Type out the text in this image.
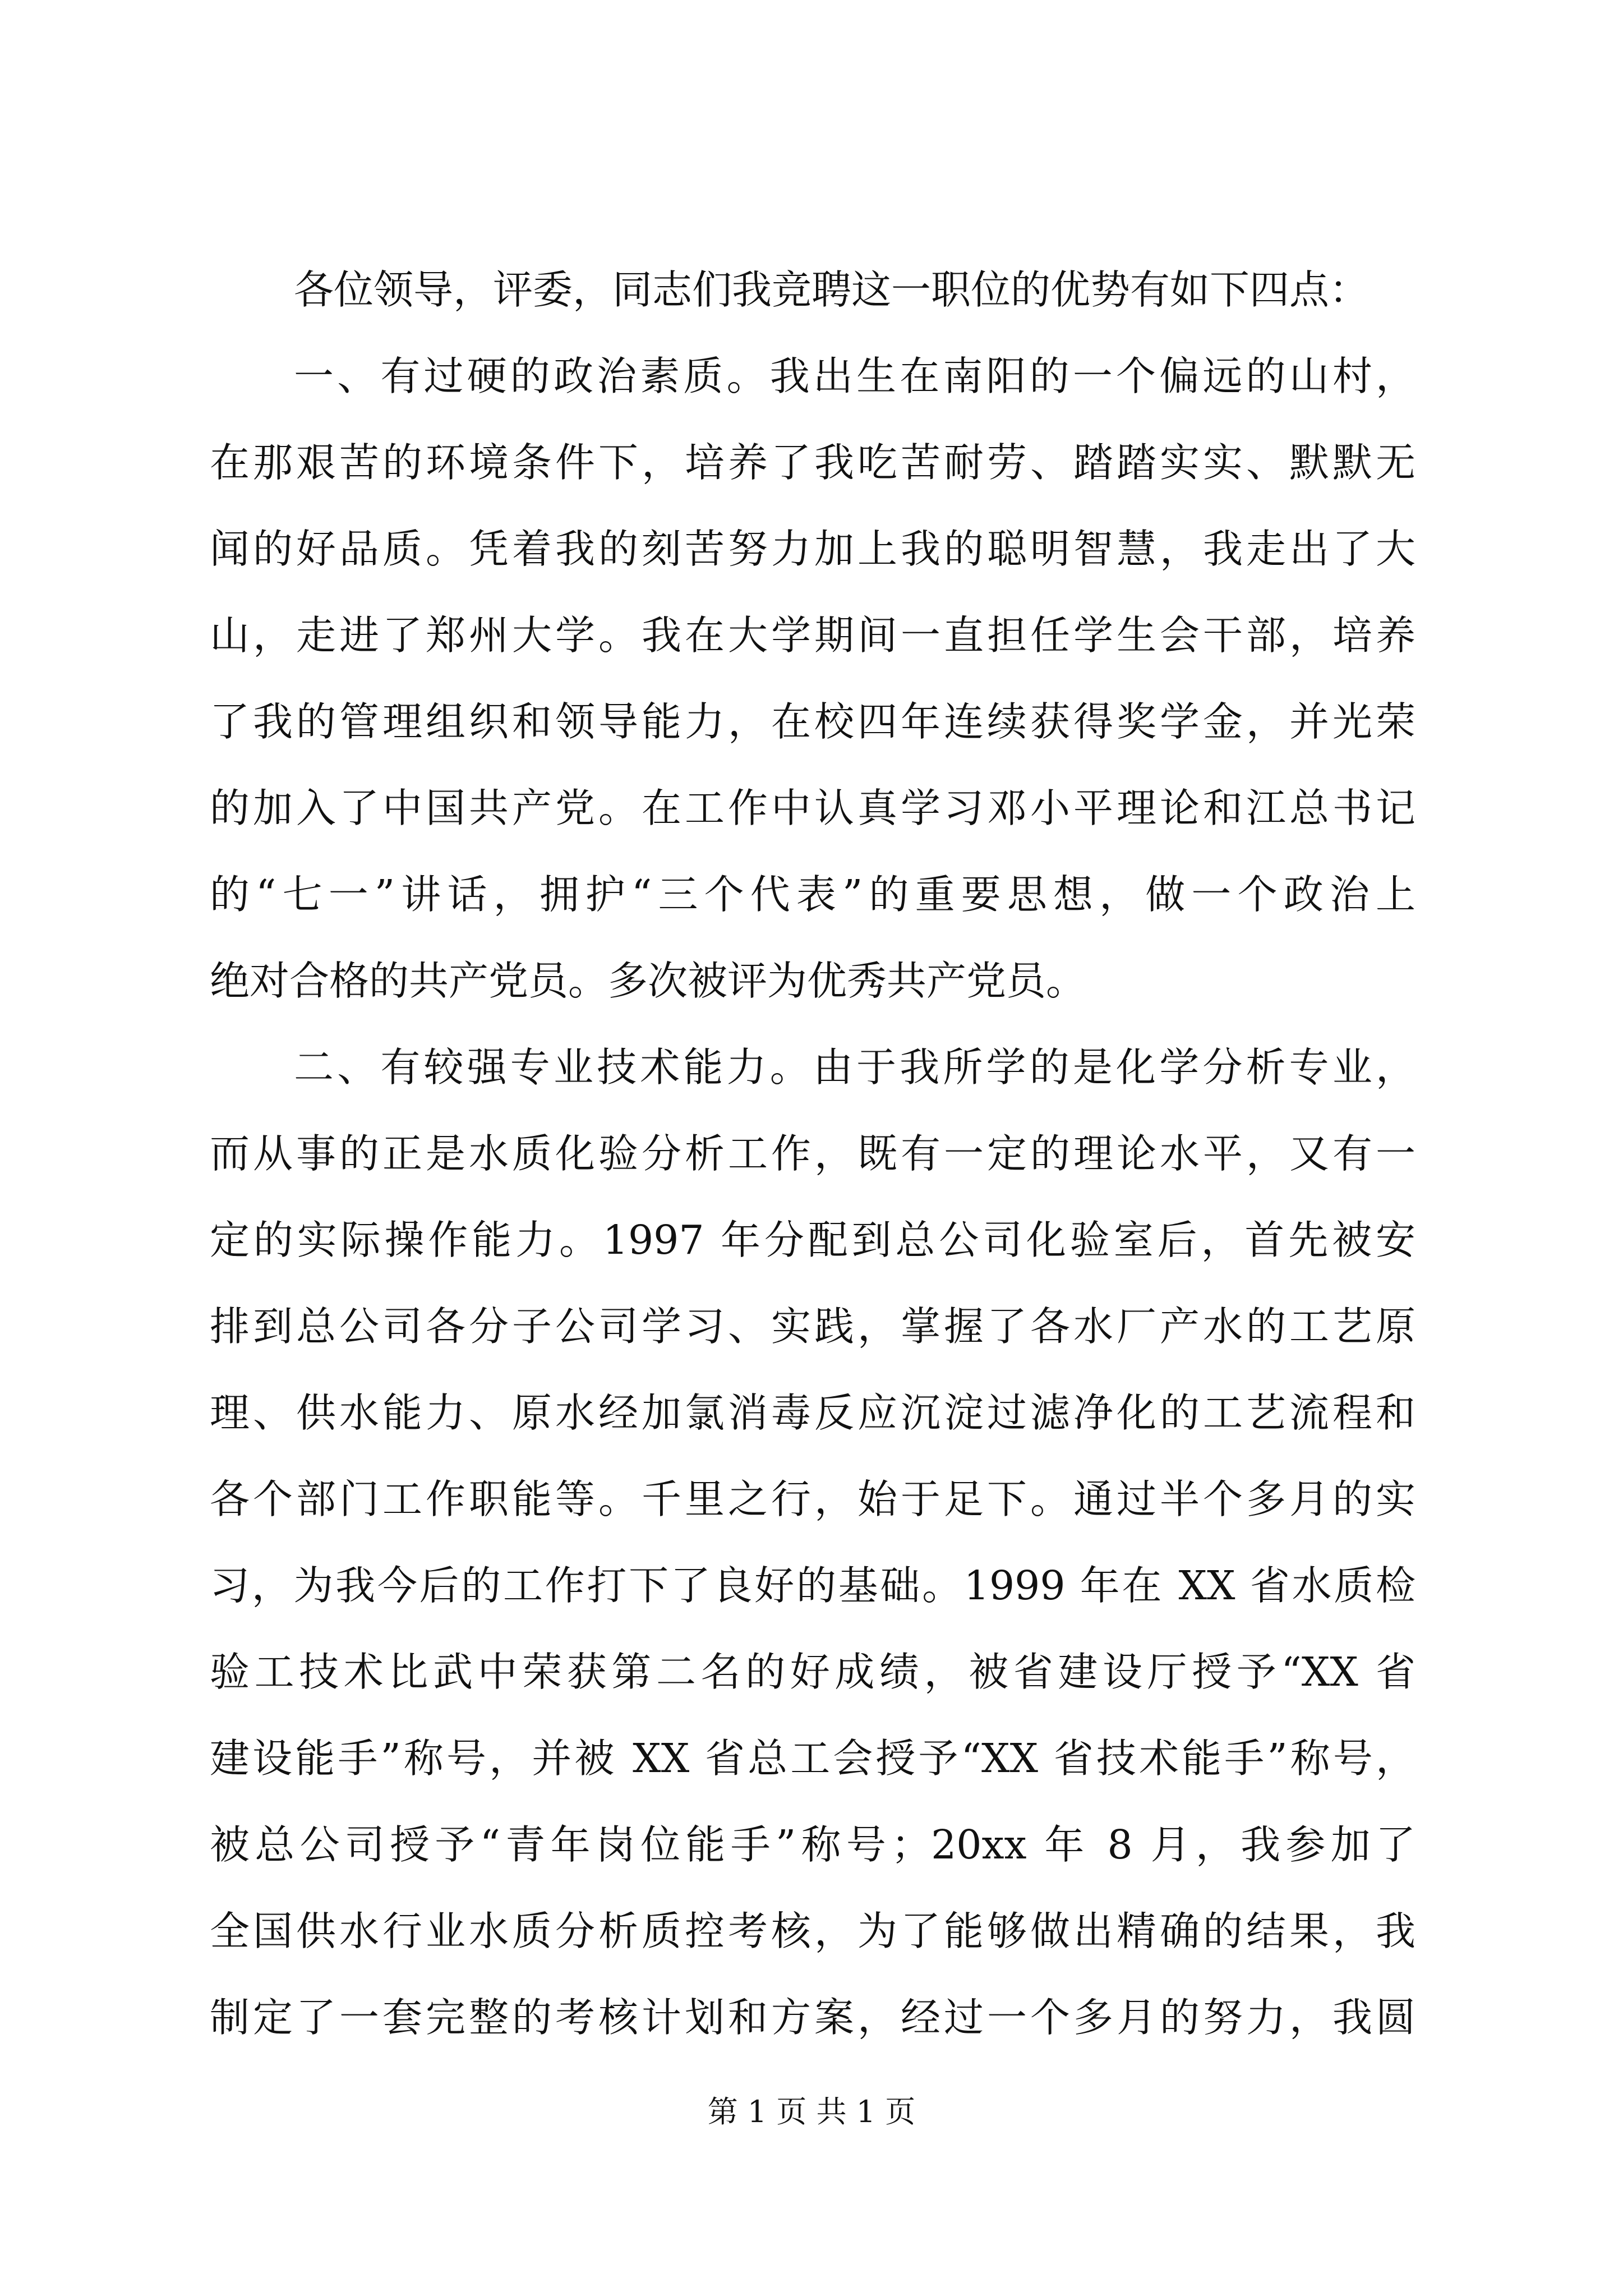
各位领导，评委，同志们我竞聘这一职位的优势有如下四点：
一、有过硬的政治素质。我出生在南阳的一个偏远的山村，
在那艰苦的环境条件下，培养了我吃苦耐劳、踏踏实实、默默无
闻的好品质。凭着我的刻苦努力加上我的聪明智慧，我走出了大
山，走进了郑州大学。我在大学期间一直担任学生会干部，培养
了我的管理组织和领导能力，在校四年连续获得奖学金，并光荣
的加入了中国共产党。在工作中认真学习邓小平理论和江总书记
的“七一”讲话，拥护“三个代表”的重要思想，做一个政治上
绝对合格的共产党员。多次被评为优秀共产党员。
二、有较强专业技术能力。由于我所学的是化学分析专业，
而从事的正是水质化验分析工作，既有一定的理论水平，又有一
定的实际操作能力。1997 年分配到总公司化验室后，首先被安
排到总公司各分子公司学习、实践，掌握了各水厂产水的工艺原
理、供水能力、原水经加氯消毒反应沉淀过滤净化的工艺流程和
各个部门工作职能等。千里之行，始于足下。通过半个多月的实
习，为我今后的工作打下了良好的基础。1999 年在 XX 省水质检
验工技术比武中荣获第二名的好成绩，被省建设厅授予“XX 省
建设能手”称号，并被 XX 省总工会授予“XX 省技术能手”称号，
被总公司授予“青年岗位能手”称号；20xx 年 8 月，我参加了
全国供水行业水质分析质控考核，为了能够做出精确的结果，我
制定了一套完整的考核计划和方案，经过一个多月的努力，我圆
第 1 页 共 1 页
